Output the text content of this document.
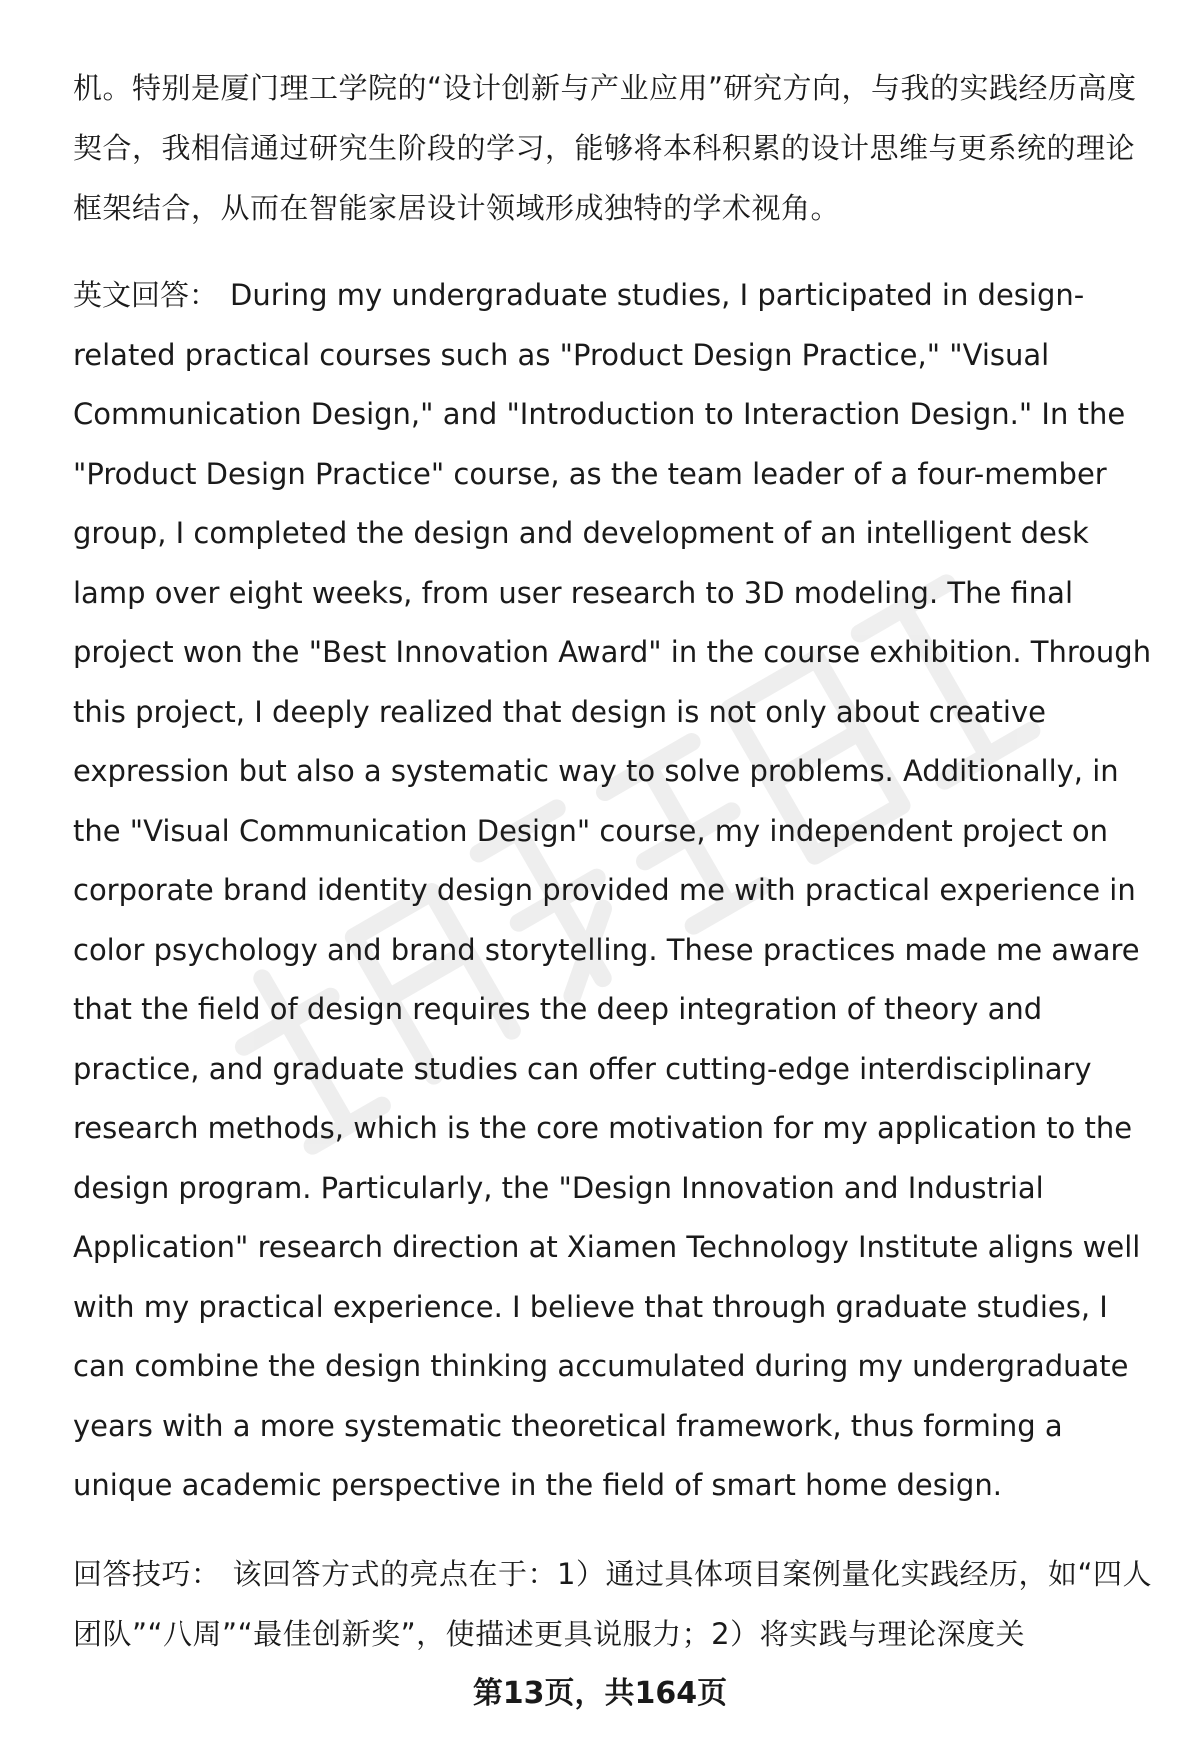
机。特别是厦门理工学院的“设计创新与产业应用”研究方向，与我的实践经历高度契合，我相信通过研究生阶段的学习，能够将本科积累的设计思维与更系统的理论框架结合，从而在智能家居设计领域形成独特的学术视角。

英文回答： During my undergraduate studies, I participated in design-related practical courses such as "Product Design Practice," "Visual Communication Design," and "Introduction to Interaction Design." In the "Product Design Practice" course, as the team leader of a four-member group, I completed the design and development of an intelligent desk lamp over eight weeks, from user research to 3D modeling. The final project won the "Best Innovation Award" in the course exhibition. Through this project, I deeply realized that design is not only about creative expression but also a systematic way to solve problems. Additionally, in the "Visual Communication Design" course, my independent project on corporate brand identity design provided me with practical experience in color psychology and brand storytelling. These practices made me aware that the field of design requires the deep integration of theory and practice, and graduate studies can offer cutting-edge interdisciplinary research methods, which is the core motivation for my application to the design program. Particularly, the "Design Innovation and Industrial Application" research direction at Xiamen Technology Institute aligns well with my practical experience. I believe that through graduate studies, I can combine the design thinking accumulated during my undergraduate years with a more systematic theoretical framework, thus forming a unique academic perspective in the field of smart home design.

回答技巧： 该回答方式的亮点在于：1）通过具体项目案例量化实践经历，如“四人团队”“八周”“最佳创新奖”，使描述更具说服力；2）将实践与理论深度关

第13页，共164页
